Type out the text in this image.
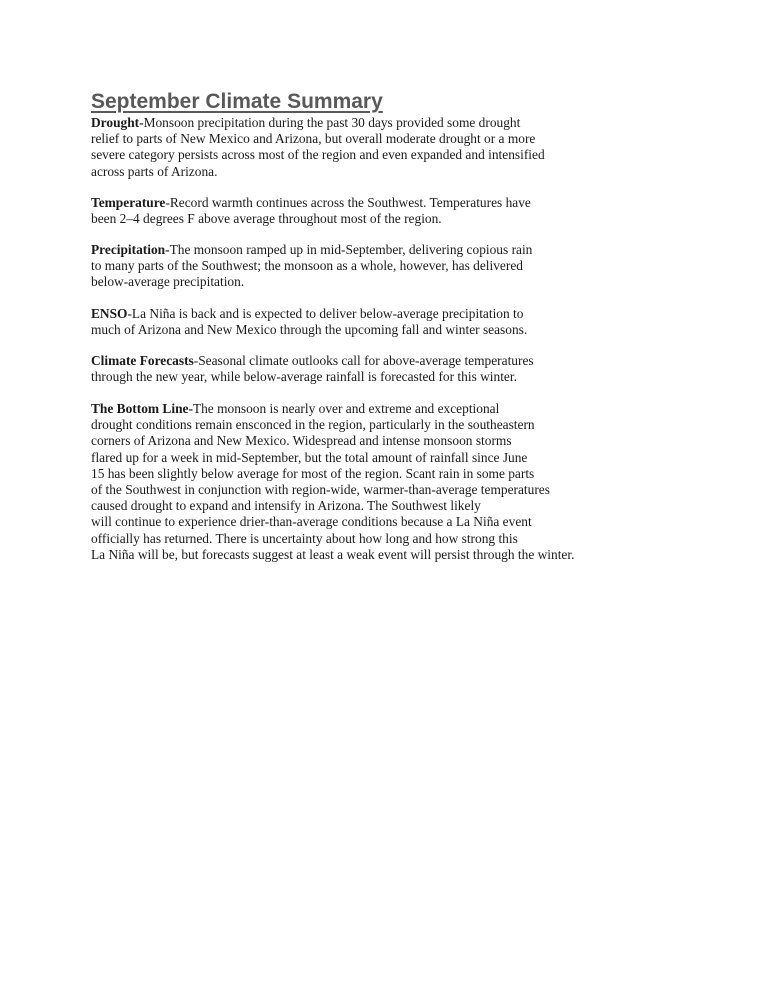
September Climate Summary

Drought-Monsoon precipitation during the past 30 days provided some drought
relief to parts of New Mexico and Arizona, but overall moderate drought or a more
severe category persists across most of the region and even expanded and intensified
across parts of Arizona.

Temperature-Record warmth continues across the Southwest. Temperatures have
been 2–4 degrees F above average throughout most of the region.

Precipitation-The monsoon ramped up in mid-September, delivering copious rain
to many parts of the Southwest; the monsoon as a whole, however, has delivered
below-average precipitation.

ENSO-La Niña is back and is expected to deliver below-average precipitation to
much of Arizona and New Mexico through the upcoming fall and winter seasons.

Climate Forecasts-Seasonal climate outlooks call for above-average temperatures
through the new year, while below-average rainfall is forecasted for this winter.

The Bottom Line-The monsoon is nearly over and extreme and exceptional
drought conditions remain ensconced in the region, particularly in the southeastern
corners of Arizona and New Mexico. Widespread and intense monsoon storms
flared up for a week in mid-September, but the total amount of rainfall since June
15 has been slightly below average for most of the region. Scant rain in some parts
of the Southwest in conjunction with region-wide, warmer-than-average temperatures
caused drought to expand and intensify in Arizona. The Southwest likely
will continue to experience drier-than-average conditions because a La Niña event
officially has returned. There is uncertainty about how long and how strong this
La Niña will be, but forecasts suggest at least a weak event will persist through the winter.
